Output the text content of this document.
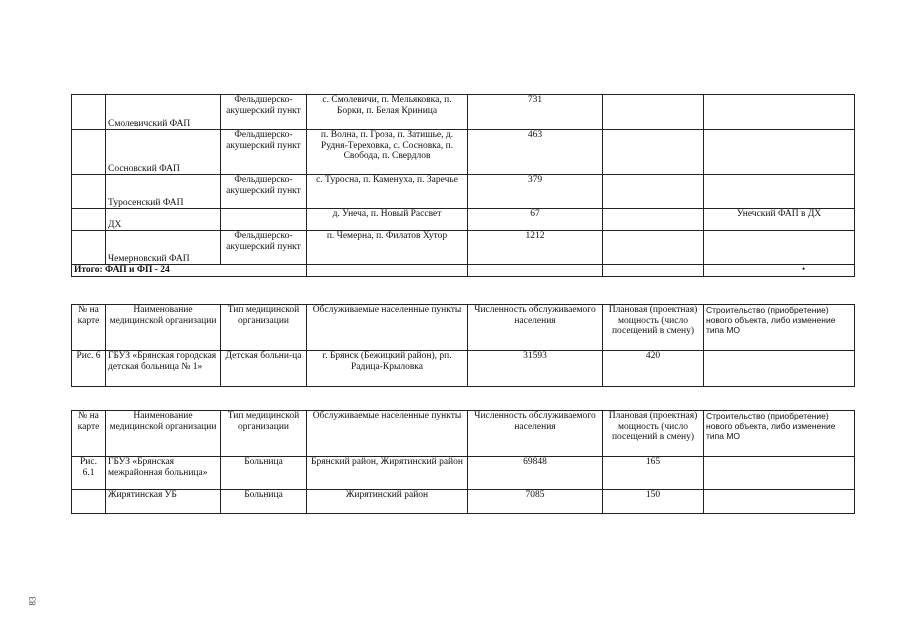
	Смолевичский ФАП	Фельдшерско-акушерский пункт	с. Смолевичи, п. Мельяковка, п. Борки, п. Белая Криница	731		
	Сосновский ФАП	Фельдшерско-акушерский пункт	п. Волна, п. Гроза, п. Затишье, д. Рудня-Тереховка, с. Сосновка, п. Свобода, п. Свердлов	463		
	Туросенский ФАП	Фельдшерско-акушерский пункт	с. Туросна, п. Каменуха, п. Заречье	379		
	ДХ		д. Унеча, п. Новый Рассвет	67		Унечский ФАП в ДХ
	Чемерновский ФАП	Фельдшерско-акушерский пункт	п. Чемерна, п. Филатов Хутор	1212		
Итого: ФАП и ФП - 24							•
№ на карте	Наименование медицинской организации	Тип медицинской организации	Обслуживаемые населенные пункты	Численность обслуживаемого населения	Плановая (проектная) мощность (число посещений в смену)	Строительство (приобретение) нового объекта, либо изменение типа МО
Рис. 6	ГБУЗ «Брянская городская детская больница № 1»	Детская больни-ца	г. Брянск (Бежицкий район), рп. Радица-Крыловка	31593	420	
№ на карте	Наименование медицинской организации	Тип медицинской организации	Обслуживаемые населенные пункты	Численность обслуживаемого населения	Плановая (проектная) мощность (число посещений в смену)	Строительство (приобретение) нового объекта, либо изменение типа МО
Рис. 6.1	ГБУЗ «Брянская межрайонная больница»	Больница	Брянский район, Жирятинский район	69848	165	
	Жирятинская УБ	Больница	Жирятинский район	7085	150	
83
